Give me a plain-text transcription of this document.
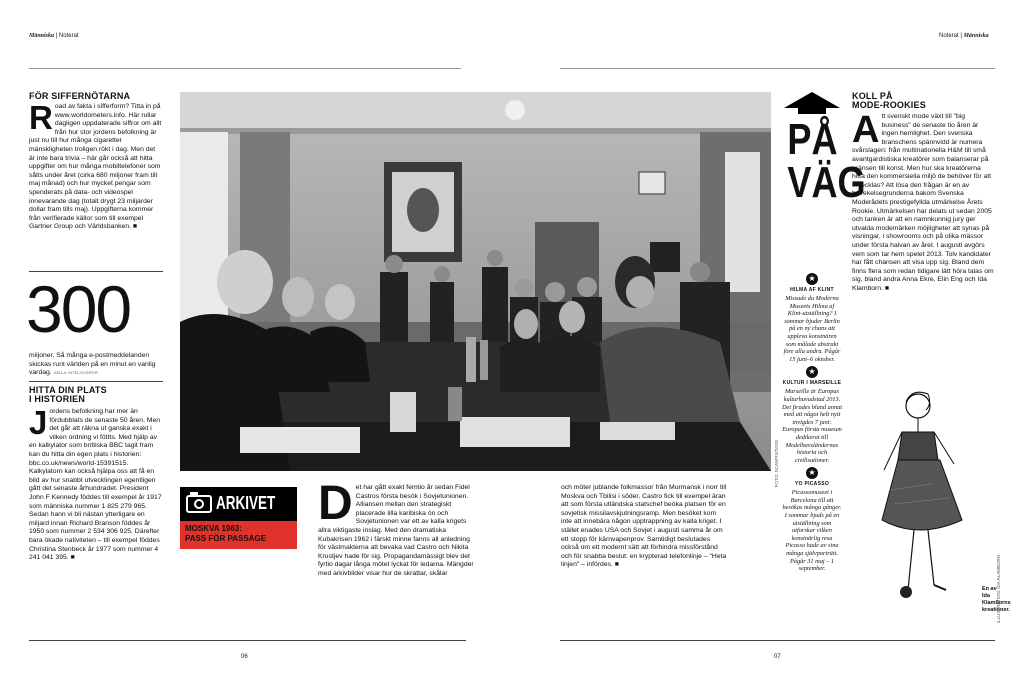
Människa | Noterat	Noterat | Människa
FÖR SIFFERNÖTARNA
R oad av fakta i sifferform? Titta in på www.worldometers.info. Här rullar dagligen uppdaterade siffror om allt från hur stor jordens befolkning är just nu till hur många cigaretter mänskligheten troligen rökt i dag. Men det är inte bara trivia – här går också att hitta uppgifter om hur många mobiltelefoner som sålts under året (cirka 680 miljoner fram till maj månad) och hur mycket pengar som spenderats på data- och videospel innevarande dag (totalt drygt 23 miljarder dollar fram tills maj). Uppgifterna kommer från verifierade källor som till exempel Gartner Group och Världsbanken. ■
300
miljoner. Så många e-postmeddelanden skickas runt världen på en minut en vanlig vardag. KÄLLA: INTEL/GONFER
HITTA DIN PLATS
I HISTORIEN
J ordens befolkning har mer än fördubblats de senaste 50 åren. Men det går att räkna ut ganska exakt i vilken ordning vi föttts. Med hjälp av en kalkylator som brittiska BBC tagit fram kan du hitta din egen plats i historien: bbc.co.uk/news/world-15391515. Kalkylatorn kan också hjälpa oss att få en bild av hur snabbt utvecklingen egentligen gått det senaste århundradet. President John F Kennedy föddes till exempel år 1917 som människa nummer 1 825 279 965. Sedan hann vi bli nästan ytterligare en miljard innan Richard Branson föddes år 1950 som nummer 2 534 306 925. Därefter bara ökade nativiteten – till exempel föddes Christina Stenbeck år 1977 som nummer 4 241 041 395. ■
FOTO: SCANPIX/TASS
ARKIVET
MOSKVA 1963:
PASS FÖR PASSAGE
D et har gått exakt femtio år sedan Fidel Castros första besök i Sovjetunionen. Alliansen mellan den strategiskt placerade lilla karibiska ön och Sovjetunionen var ett av kalla krigets allra viktigaste inslag. Med den dramatiska Kubakrisen 1962 i färskt minne fanns all anledning för västmakterna att bevaka vad Castro och Nikita Krustjev hade för sig. Propagandamässigt blev det fyrtio dagar långa mötet lyckat för ledarna. Mängder med arkivbilder visar hur de skrattar, skålar
och möter jublande folkmassor från Murmansk i norr till Moskva och Tbilisi i söder. Castro fick till exempel äran att som första utländska statschef beöka platsen för en sovjetisk missilavskjutningsramp. Men besöket kom inte att innebära någon upptrappning av kalla kriget. I stället enades USA och Sovjet i augusti samma år om ett stopp för kärnvapenprov. Samtidigt beslutades också om ett modernt sätt att förhindra missförstånd och för snabba beslut: en krypterad telefonlinje – "Heta linjen" – infördes. ■
PÅ
VÄG
★
HILMA AF KLINT

Missade du Moderna Museets Hilma af Klint-utställning? I sommar bjuder Berlin på en ny chans att uppleva konstnären som målade abstrakt före alla andra. Pågår 15 juni–6 oktober.

★
KULTUR I MARSEILLE

Marseille är Europas kulturhuvudstad 2013. Det firades bland annat med att något helt nytt invigdes 7 juni: Europas första museum dedikerat till Medelhavsländernas historia och civilisationer.

★
YO PICASSO

Picassomuseet i Barcelona till att besökas många gånger. I sommar bjuds på en utställning som utforskar vilken konstnärlig resa Picasso hade av sina många självporträtt. Pågår 31 maj – 1 september.

KOLL PÅ
MODE-ROOKIES
A tt svenskt mode växt till "big business" de senaste tio åren är ingen hemlighet. Den svenska branschens spännvidd är numera svårslagen: från multinationella H&M till små avantgardistiska kreatörer som balanserar på gränsen till konst. Men hur ska kreatörerna hitta den kommersiella miljö de behöver för att utvecklas? Att lösa den frågan är en av bevekelsegrunderna bakom Svenska Moderådets prestigefyllda utmärkelse Årets Rookie. Utmärkelsen har delats ut sedan 2005 och tanken är att en namnkunnig jury ger utvalda modemärken möjligheter att synas på visningar, i showrooms och på olika mässor under första halvan av året. I augusti avgörs vem som tar hem spelet 2013. Tolv kandidater har fått chansen att visa upp sig. Bland dem finns flera som redan tidigare lätt höra talas om sig, bland andra Anna Ekre, Elin Eng och Ida Klamborn. ■
En av Ida Klamborns kreationer.
ILLUSTRATION: IDA KLAMBORN
06	07
